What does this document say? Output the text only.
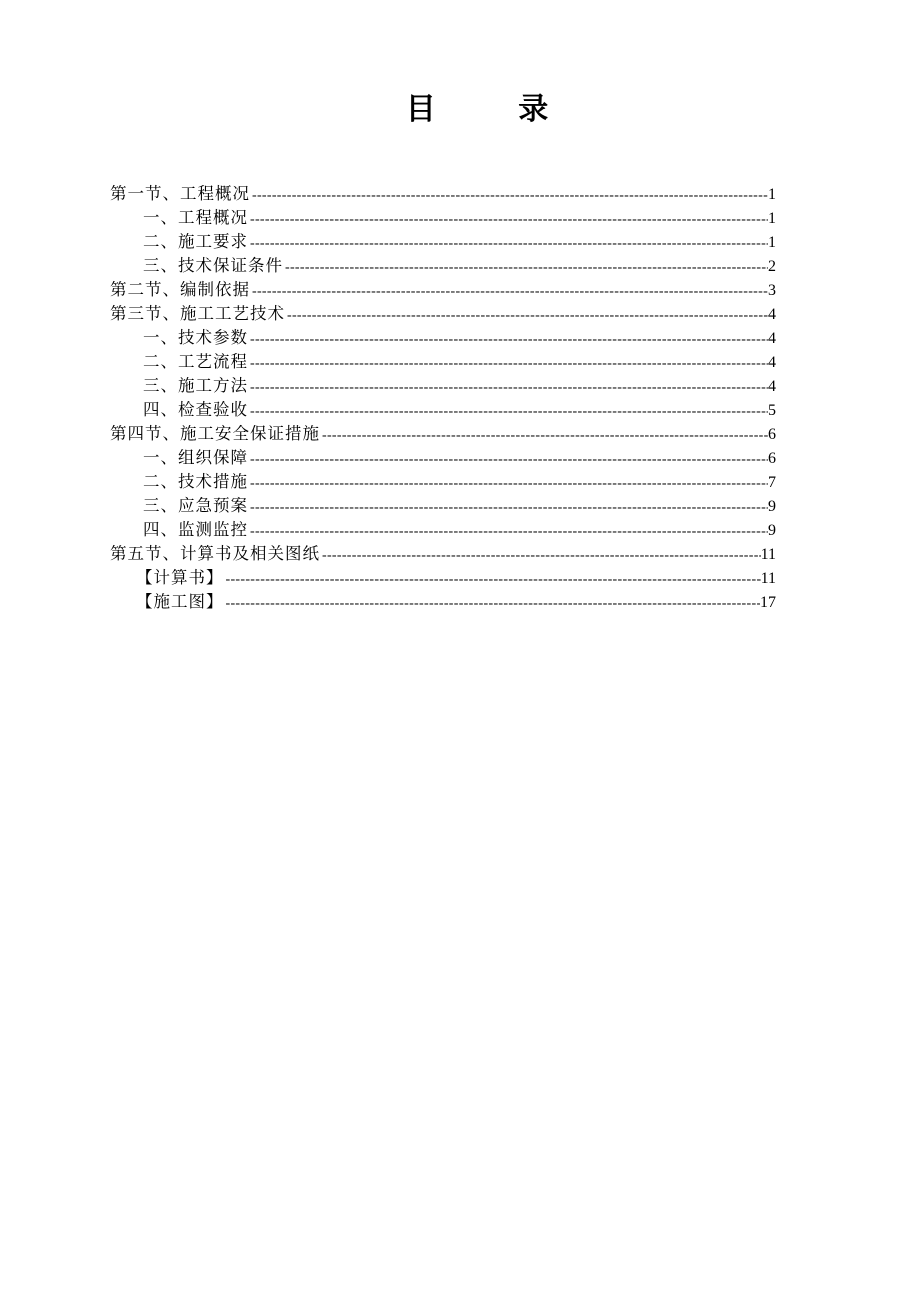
目 录
第一节、工程概况 -----	1
一、工程概况 -----	1
二、施工要求 -----	1
三、技术保证条件 -----	2
第二节、编制依据 -----	3
第三节、施工工艺技术 -----	4
一、技术参数 -----	4
二、工艺流程 -----	4
三、施工方法 -----	4
四、检查验收 -----	5
第四节、施工安全保证措施 -----	6
一、组织保障 -----	6
二、技术措施 -----	7
三、应急预案 -----	9
四、监测监控 -----	9
第五节、计算书及相关图纸 -----	11
【计算书】 -----	11
【施工图】 -----	17
